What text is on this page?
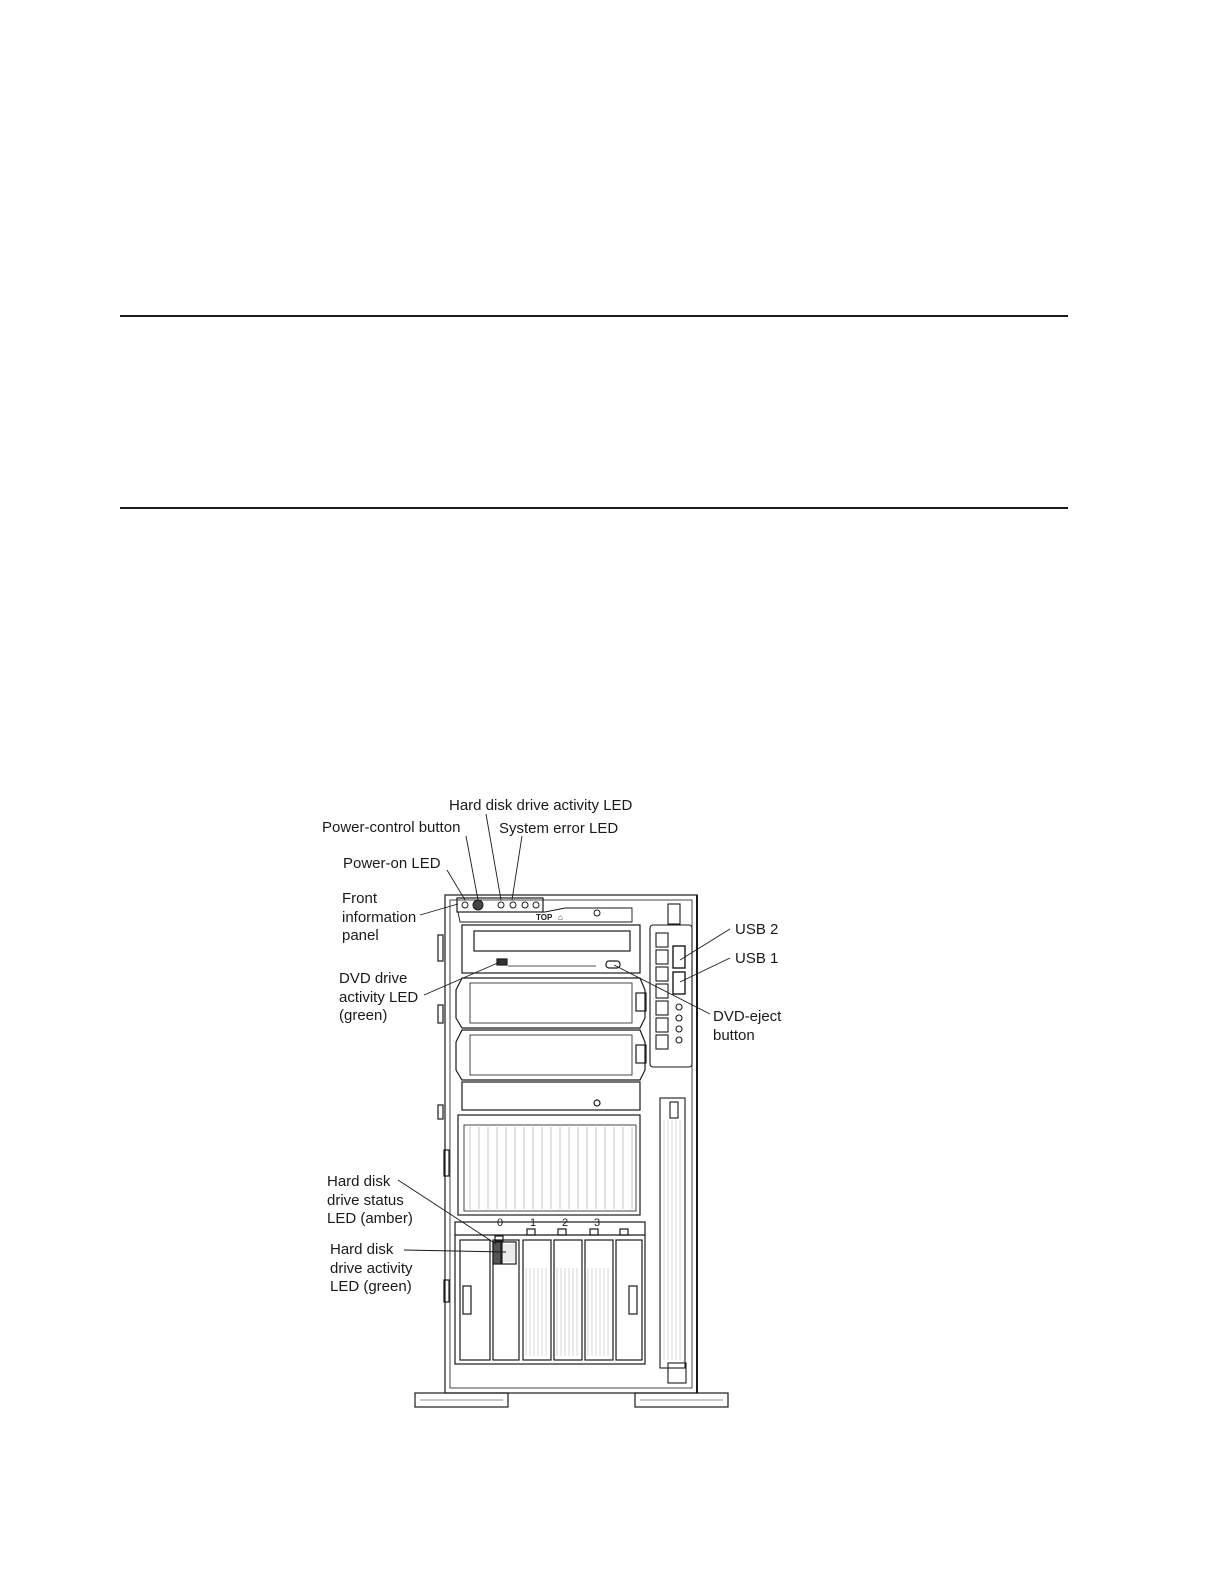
TOP ⌂
0 1 2 3
Hard disk drive activity LED
Power-control button	System error LED
Power-on LED
Front
information
panel	USB 2
USB 1
DVD drive
activity LED
(green)	DVD-eject
button
Hard disk
drive status
LED (amber)
Hard disk
drive activity
LED (green)
